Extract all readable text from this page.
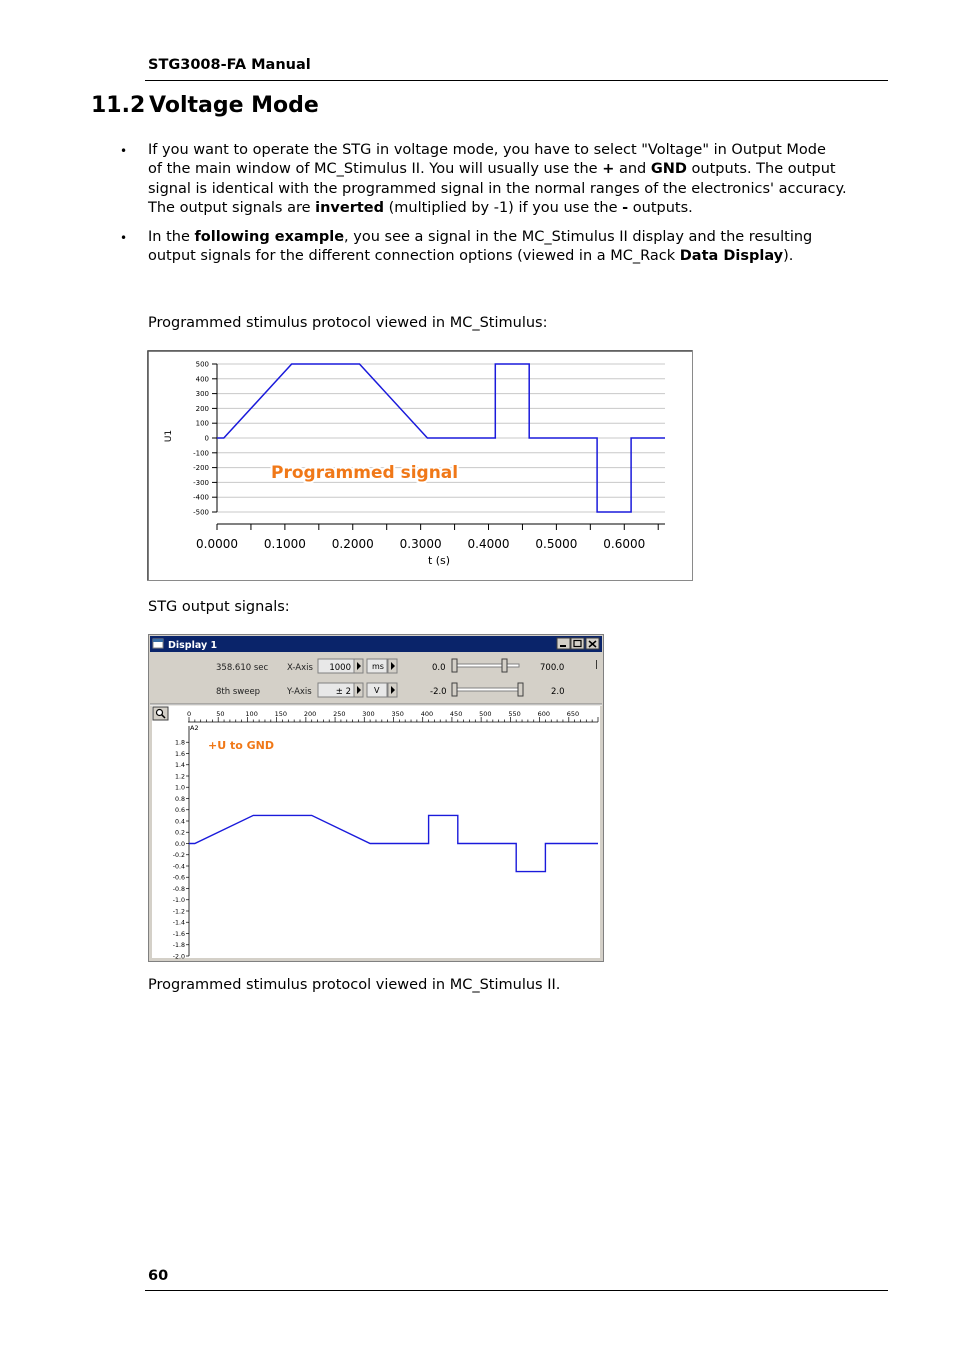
STG3008-FA Manual
11.2 Voltage Mode
• If you want to operate the STG in voltage mode, you have to select "Voltage" in Output Mode
of the main window of MC_Stimulus II. You will usually use the + and GND outputs. The output
signal is identical with the programmed signal in the normal ranges of the electronics' accuracy.
The output signals are inverted (multiplied by -1) if you use the - outputs.
• In the following example, you see a signal in the MC_Stimulus II display and the resulting
output signals for the different connection options (viewed in a MC_Rack Data Display).
Programmed stimulus protocol viewed in MC_Stimulus:
500
400
300
200
100
0
-100
-200
-300
-400
-500
0.0000 0.1000 0.2000 0.3000 0.4000 0.5000 0.6000
Programmed signal
U1
t (s)
STG output signals:
Display 1
358.610 sec X-Axis 1000	ms	0.0	700.0	|
8th sweep	Y-Axis	± 2	V	-2.0	2.0
0	50	100	150	200	250	300	350	400	450	500	550	600	650
1.8
1.6
1.4
1.2
1.0
0.8
0.6
0.4
0.2
0.0
-0.2
-0.4
-0.6
-0.8
-1.0
-1.2
-1.4
-1.6
-1.8
-2.0
A2
+U to GND
Programmed stimulus protocol viewed in MC_Stimulus II.
60
